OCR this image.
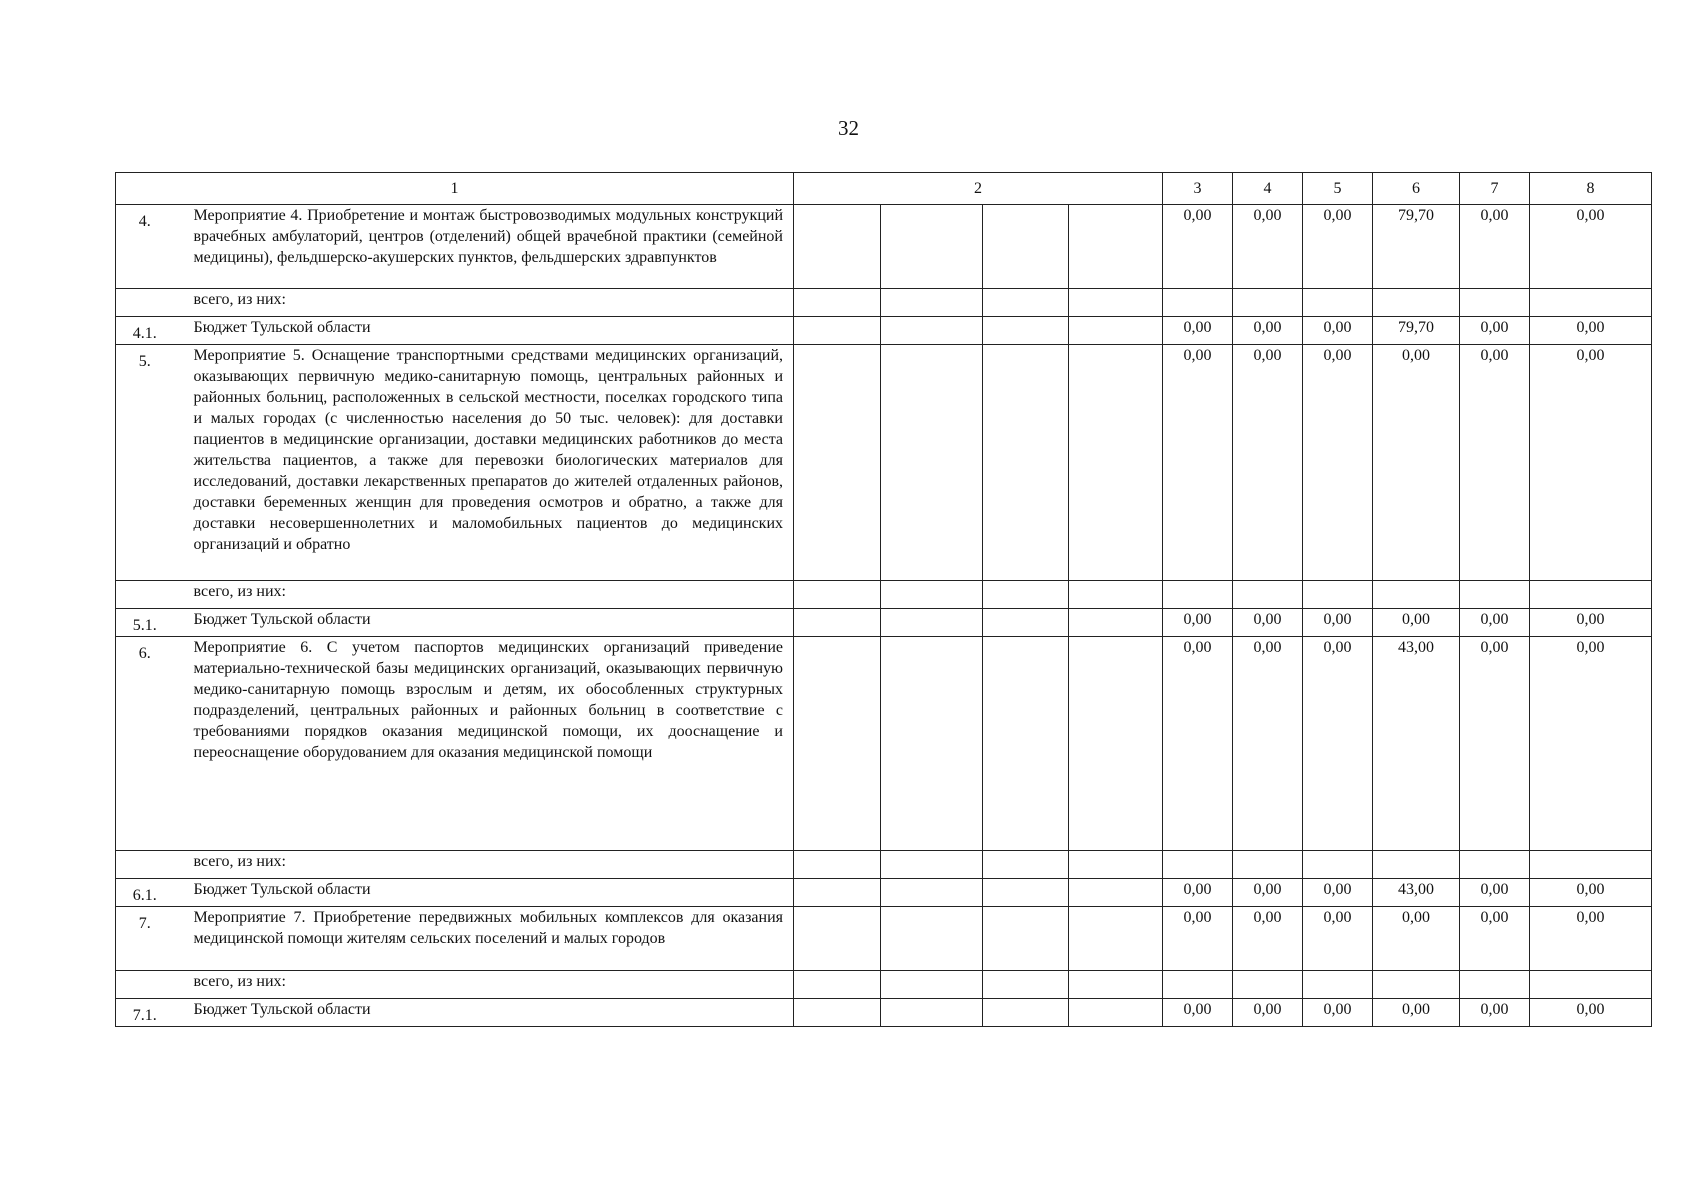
32
1		2				3	4	5	6	7	8
4.	Мероприятие 4. Приобретение и монтаж быстровозводимых модульных конструкций врачебных амбулаторий, центров (отделений) общей врачебной практики (семейной медицины), фельдшерско-акушерских пунктов, фельдшерских здравпунктов					0,00	0,00	0,00	79,70	0,00	0,00
	всего, из них:										
4.1.	Бюджет Тульской области					0,00	0,00	0,00	79,70	0,00	0,00
5.	Мероприятие 5. Оснащение транспортными средствами медицинских организаций, оказывающих первичную медико-санитарную помощь, центральных районных и районных больниц, расположенных в сельской местности, поселках городского типа и малых городах (с численностью населения до 50 тыс. человек): для доставки пациентов в медицинские организации, доставки медицинских работников до места жительства пациентов, а также для перевозки биологических материалов для исследований, доставки лекарственных препаратов до жителей отдаленных районов, доставки беременных женщин для проведения осмотров и обратно, а также для доставки несовершеннолетних и маломобильных пациентов до медицинских организаций и обратно					0,00	0,00	0,00	0,00	0,00	0,00
	всего, из них:										
5.1.	Бюджет Тульской области					0,00	0,00	0,00	0,00	0,00	0,00
6.	Мероприятие 6. С учетом паспортов медицинских организаций приведение материально-технической базы медицинских организаций, оказывающих первичную медико-санитарную помощь взрослым и детям, их обособленных структурных подразделений, центральных районных и районных больниц в соответствие с требованиями порядков оказания медицинской помощи, их дооснащение и переоснащение оборудованием для оказания медицинской помощи					0,00	0,00	0,00	43,00	0,00	0,00
	всего, из них:										
6.1.	Бюджет Тульской области					0,00	0,00	0,00	43,00	0,00	0,00
7.	Мероприятие 7. Приобретение передвижных мобильных комплексов для оказания медицинской помощи жителям сельских поселений и малых городов					0,00	0,00	0,00	0,00	0,00	0,00
	всего, из них:										
7.1.	Бюджет Тульской области					0,00	0,00	0,00	0,00	0,00	0,00
